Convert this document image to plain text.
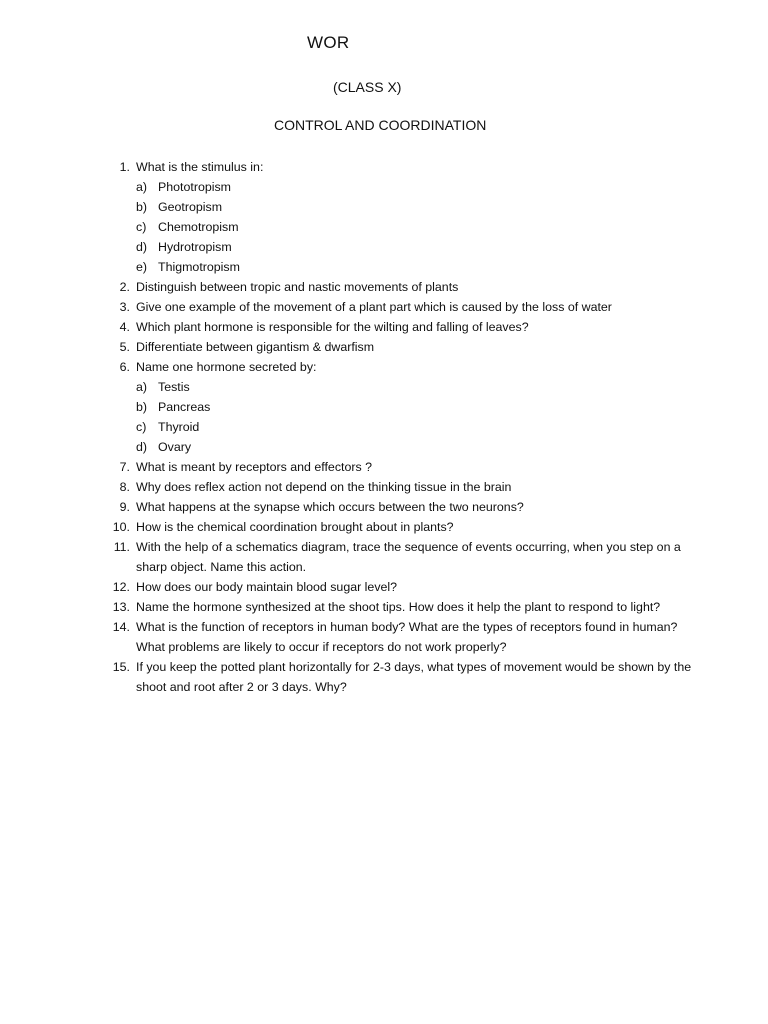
WOR
(CLASS X)
CONTROL AND COORDINATION
1. What is the stimulus in:
a) Phototropism
b) Geotropism
c) Chemotropism
d) Hydrotropism
e) Thigmotropism
2. Distinguish between tropic and nastic movements of plants
3. Give one example of the movement of a plant part which is caused by the loss of water
4. Which plant hormone is responsible for the wilting and falling of leaves?
5. Differentiate between gigantism & dwarfism
6. Name one hormone secreted by:
a) Testis
b) Pancreas
c) Thyroid
d) Ovary
7. What is meant by receptors and effectors ?
8. Why does reflex action not depend on the thinking tissue in the brain
9. What happens at the synapse which occurs between the two neurons?
10. How is the chemical coordination brought about in plants?
11. With the help of a schematics diagram, trace the sequence of events occurring, when you step on a sharp object. Name this action.
12. How does our body maintain blood sugar level?
13. Name the hormone synthesized at the shoot tips. How does it help the plant to respond to light?
14. What is the function of receptors in human body? What are the types of receptors found in human? What problems are likely to occur if receptors do not work properly?
15. If you keep the potted plant horizontally for 2-3 days, what types of movement would be shown by the shoot and root after 2 or 3 days. Why?
